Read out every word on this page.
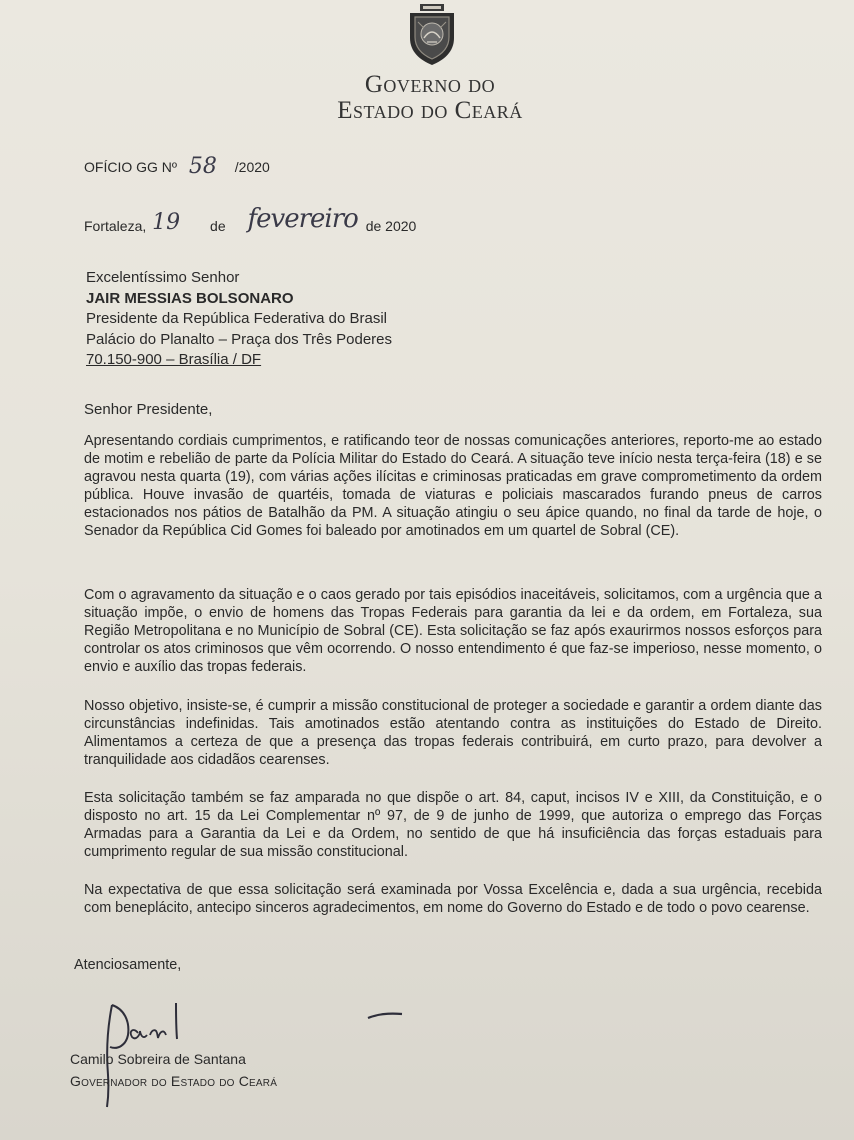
Governo do
Estado do Ceará
OFÍCIO GG Nº 58 /2020
Fortaleza, 19 de fevereiro de 2020
Excelentíssimo Senhor
JAIR MESSIAS BOLSONARO
Presidente da República Federativa do Brasil
Palácio do Planalto – Praça dos Três Poderes
70.150-900 – Brasília / DF
Senhor Presidente,

Apresentando cordiais cumprimentos, e ratificando teor de nossas comunicações anteriores, reporto-me ao estado de motim e rebelião de parte da Polícia Militar do Estado do Ceará. A situação teve início nesta terça-feira (18) e se agravou nesta quarta (19), com várias ações ilícitas e criminosas praticadas em grave comprometimento da ordem pública. Houve invasão de quartéis, tomada de viaturas e policiais mascarados furando pneus de carros estacionados nos pátios de Batalhão da PM. A situação atingiu o seu ápice quando, no final da tarde de hoje, o Senador da República Cid Gomes foi baleado por amotinados em um quartel de Sobral (CE).

Com o agravamento da situação e o caos gerado por tais episódios inaceitáveis, solicitamos, com a urgência que a situação impõe, o envio de homens das Tropas Federais para garantia da lei e da ordem, em Fortaleza, sua Região Metropolitana e no Município de Sobral (CE). Esta solicitação se faz após exaurirmos nossos esforços para controlar os atos criminosos que vêm ocorrendo. O nosso entendimento é que faz-se imperioso, nesse momento, o envio e auxílio das tropas federais.

Nosso objetivo, insiste-se, é cumprir a missão constitucional de proteger a sociedade e garantir a ordem diante das circunstâncias indefinidas. Tais amotinados estão atentando contra as instituições do Estado de Direito. Alimentamos a certeza de que a presença das tropas federais contribuirá, em curto prazo, para devolver a tranquilidade aos cidadãos cearenses.

Esta solicitação também se faz amparada no que dispõe o art. 84, caput, incisos IV e XIII, da Constituição, e o disposto no art. 15 da Lei Complementar nº 97, de 9 de junho de 1999, que autoriza o emprego das Forças Armadas para a Garantia da Lei e da Ordem, no sentido de que há insuficiência das forças estaduais para cumprimento regular de sua missão constitucional.

Na expectativa de que essa solicitação será examinada por Vossa Excelência e, dada a sua urgência, recebida com beneplácito, antecipo sinceros agradecimentos, em nome do Governo do Estado e de todo o povo cearense.

Atenciosamente,
Camilo Sobreira de Santana
Governador do Estado do Ceará
